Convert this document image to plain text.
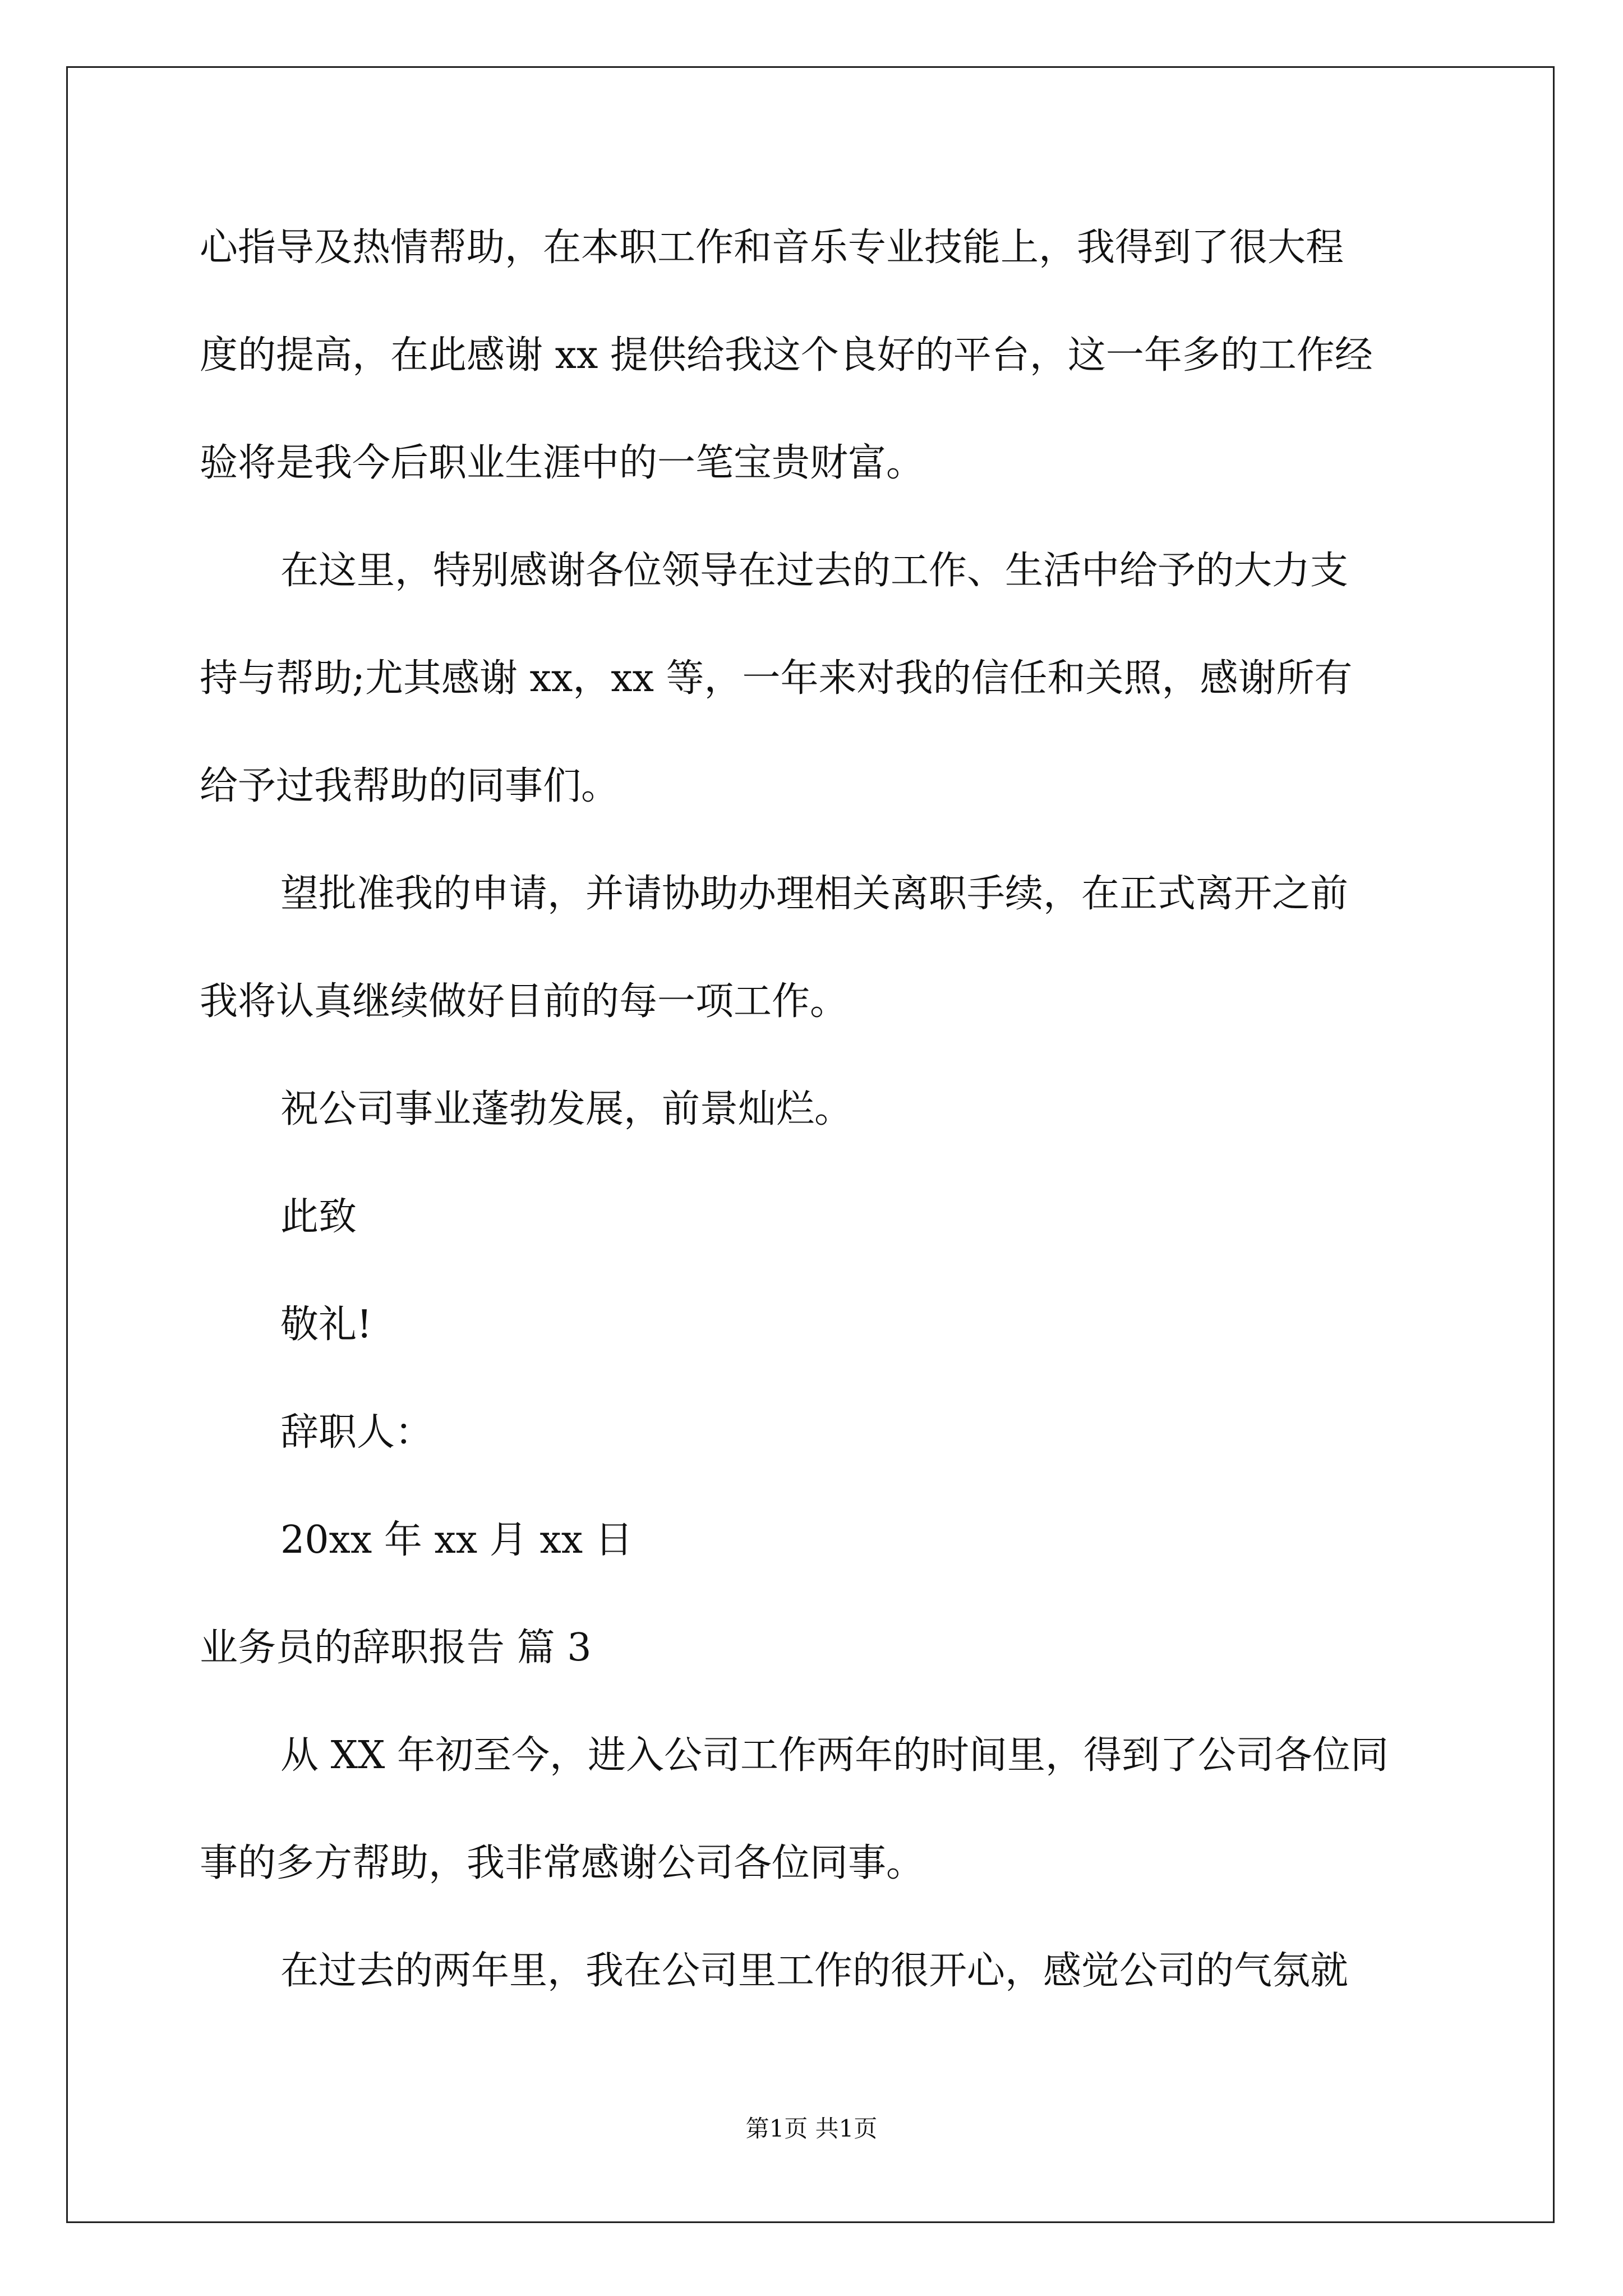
心指导及热情帮助，在本职工作和音乐专业技能上，我得到了很大程
度的提高，在此感谢 xx 提供给我这个良好的平台，这一年多的工作经
验将是我今后职业生涯中的一笔宝贵财富。
在这里，特别感谢各位领导在过去的工作、生活中给予的大力支
持与帮助;尤其感谢 xx，xx 等，一年来对我的信任和关照，感谢所有
给予过我帮助的同事们。
望批准我的申请，并请协助办理相关离职手续，在正式离开之前
我将认真继续做好目前的每一项工作。
祝公司事业蓬勃发展，前景灿烂。
此致
敬礼!
辞职人：
20xx 年 xx 月 xx 日
业务员的辞职报告 篇 3
从 XX 年初至今，进入公司工作两年的时间里，得到了公司各位同
事的多方帮助，我非常感谢公司各位同事。
在过去的两年里，我在公司里工作的很开心，感觉公司的气氛就
第1页 共1页
